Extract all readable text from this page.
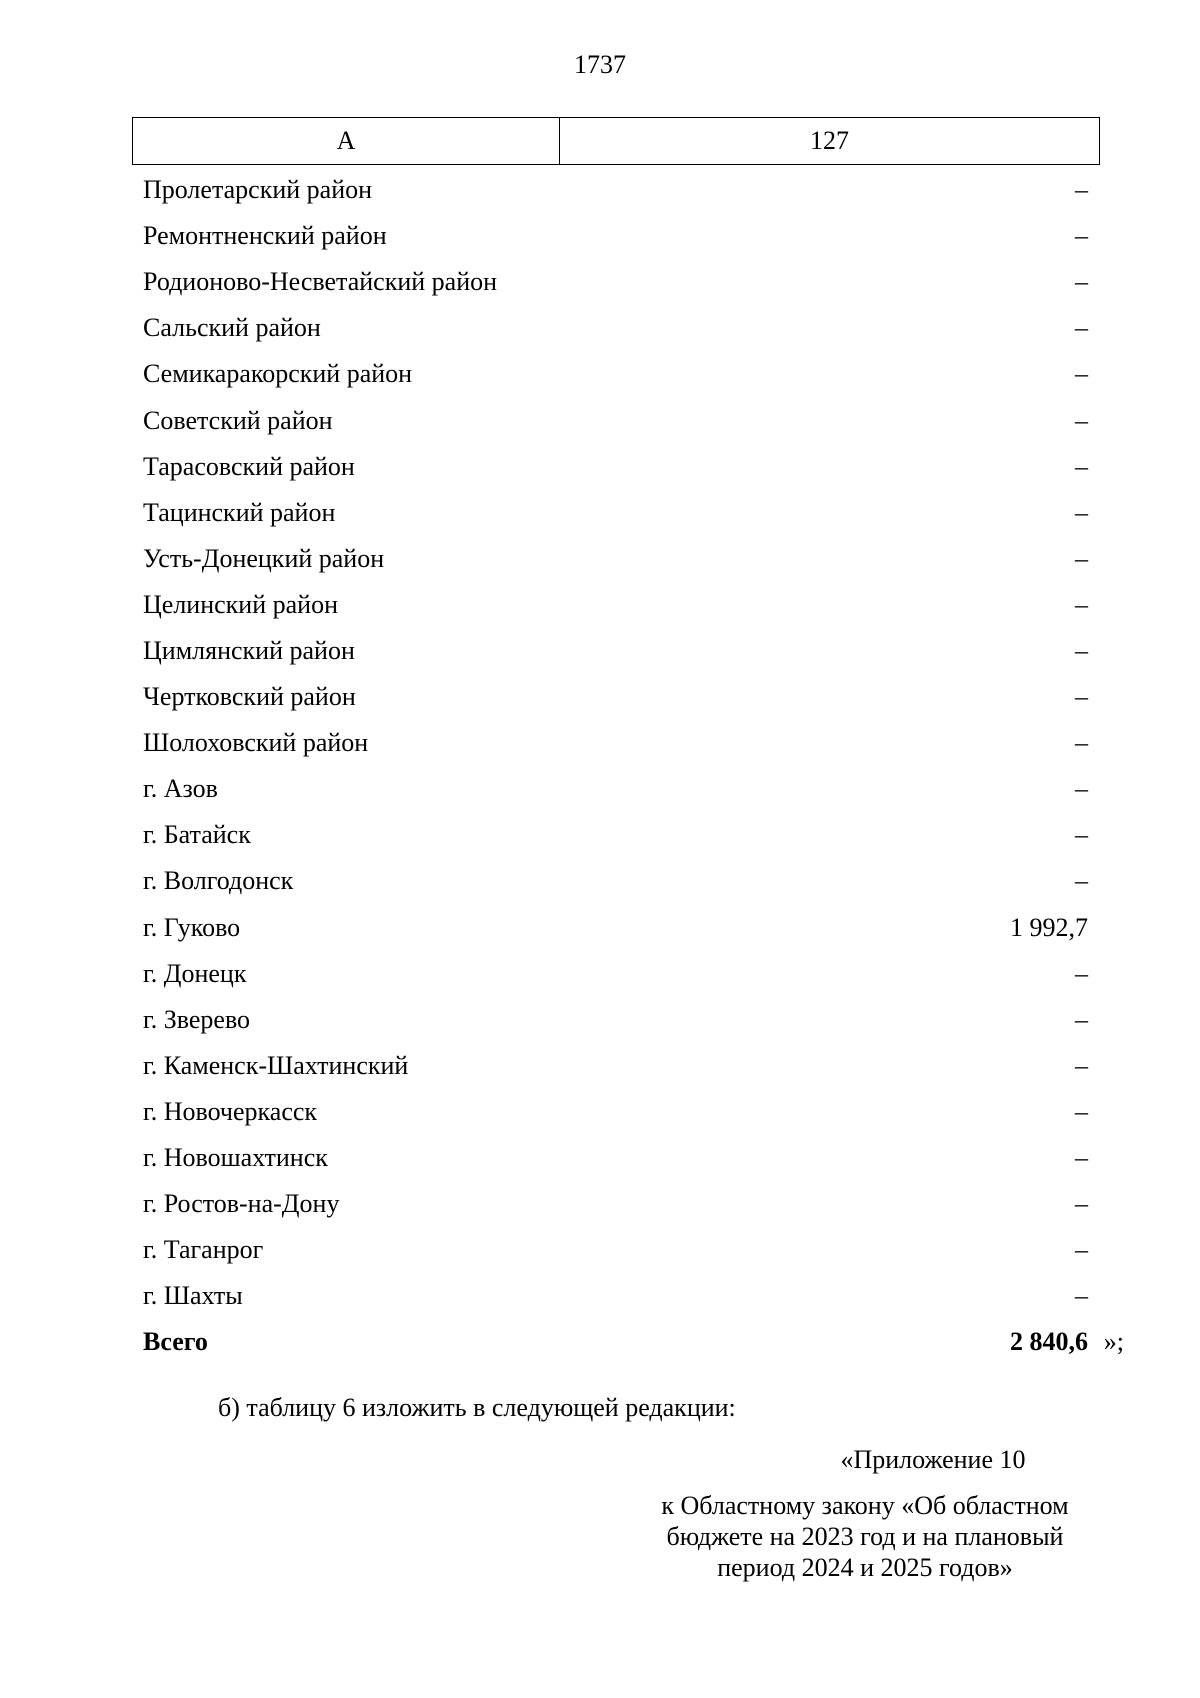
1737
А	127
Пролетарский район	–
Ремонтненский район	–
Родионово-Несветайский район	–
Сальский район	–
Семикаракорский район	–
Советский район	–
Тарасовский район	–
Тацинский район	–
Усть-Донецкий район	–
Целинский район	–
Цимлянский район	–
Чертковский район	–
Шолоховский район	–
г. Азов	–
г. Батайск	–
г. Волгодонск	–
г. Гуково	1 992,7
г. Донецк	–
г. Зверево	–
г. Каменск-Шахтинский	–
г. Новочеркасск	–
г. Новошахтинск	–
г. Ростов-на-Дону	–
г. Таганрог	–
г. Шахты	–
Всего	2 840,6 »;
б) таблицу 6 изложить в следующей редакции:
«Приложение 10
к Областному закону «Об областном
бюджете на 2023 год и на плановый
период 2024 и 2025 годов»
